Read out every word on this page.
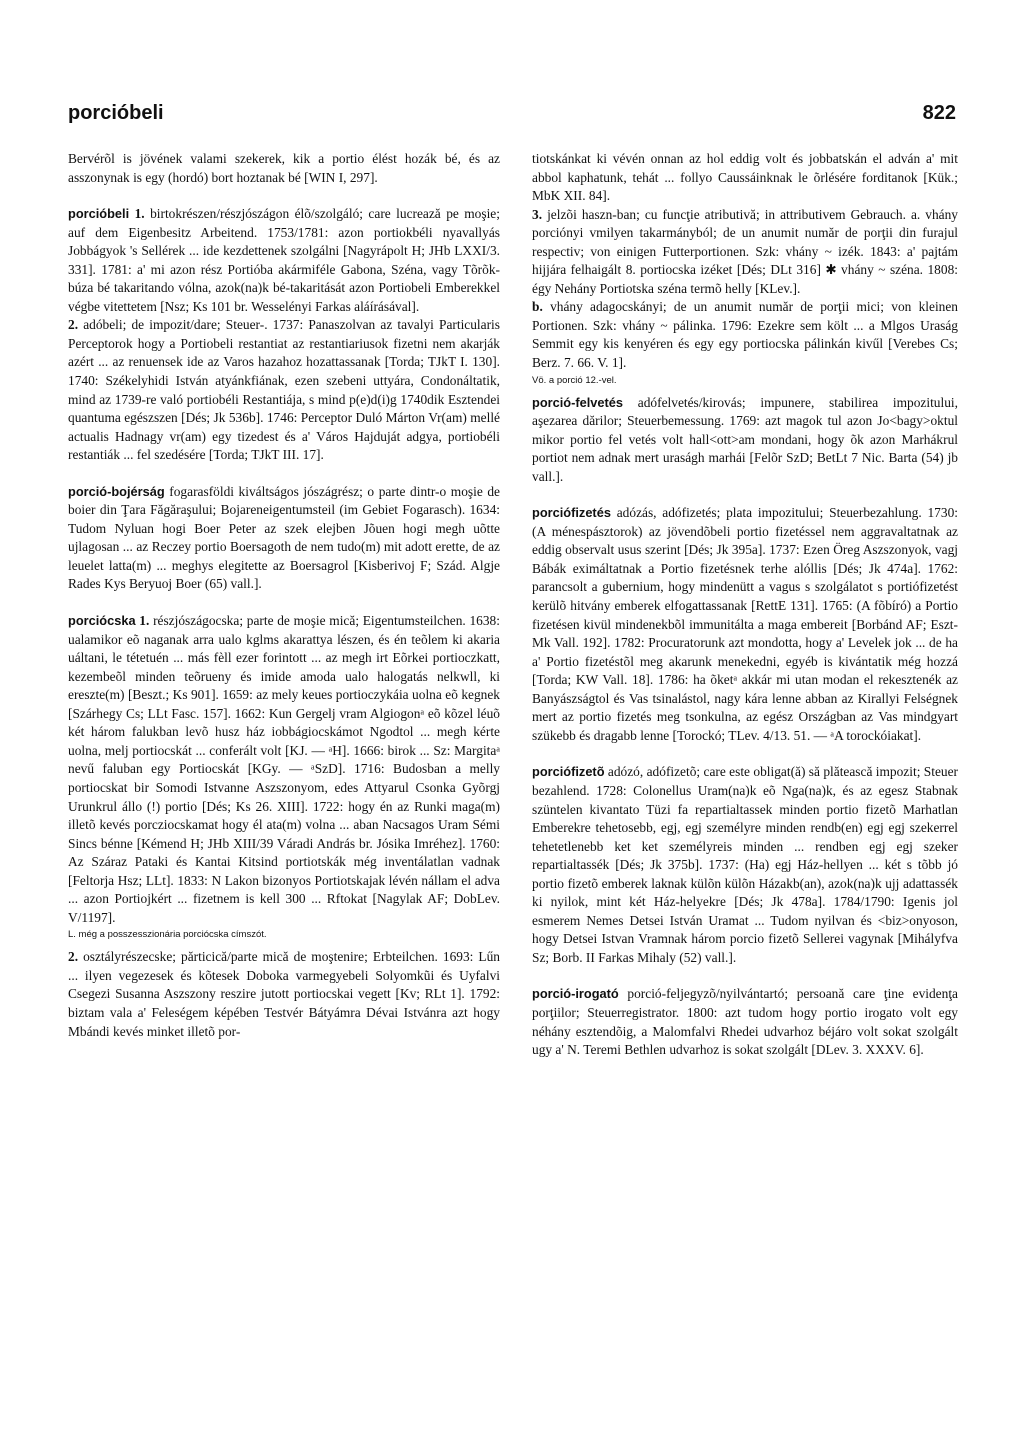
porcióbeli	822

Bervérõl is jövének valami szekerek, kik a portio élést hozák bé, és az asszonynak is egy (hordó) bort hoztanak bé [WIN I, 297].

porcióbeli 1. birtokrészen/részjószágon élõ/szolgáló; care lucrează pe moşie; auf dem Eigenbesitz Arbeitend. 1753/1781: azon portiokbéli nyavallyás Jobbágyok 's Sellérek ... ide kezdettenek szolgálni [Nagyrápolt H; JHb LXXI/3. 331]. 1781: a' mi azon rész Portióba akármiféle Gabona, Széna, vagy Tõrõk-búza bé takaritando vólna, azok(na)k bé-takaritását azon Portiobeli Emberekkel végbe vitettetem [Nsz; Ks 101 br. Wesselényi Farkas aláírásával].

2. adóbeli; de impozit/dare; Steuer-. 1737: Panaszolvan az tavalyi Particularis Perceptorok hogy a Portiobeli restantiat az restantiariusok fizetni nem akarják azért ... az renuensek ide az Varos hazahoz hozattassanak [Torda; TJkT I. 130]. 1740: Székelyhidi István atyánkfiának, ezen szebeni uttyára, Condonáltatik, mind az 1739-re való portiobéli Restantiája, s mind p(e)d(i)g 1740dik Esztendei quantuma egészszen [Dés; Jk 536b]. 1746: Perceptor Duló Márton Vr(am) mellé actualis Hadnagy vr(am) egy tizedest és a' Város Hajduját adgya, portiobéli restantiák ... fel szedésére [Torda; TJkT III. 17].

porció-bojérság fogarasföldi kiváltságos jószágrész; o parte dintr-o moşie de boier din Ţara Făgăraşului; Bojareneigentumsteil (im Gebiet Fogarasch). 1634: Tudom Nyluan hogi Boer Peter az szek elejben Jõuen hogi megh uõtte ujlagosan ... az Reczey portio Boersagoth de nem tudo(m) mit adott erette, de az leuelet latta(m) ... meghys elegitette az Boersagrol [Kisberivoj F; Szád. Algje Rades Kys Beryuoj Boer (65) vall.].

porciócska 1. részjószágocska; parte de moşie mică; Eigentumsteilchen. 1638: ualamikor eõ naganak arra ualo kglms akarattya lészen, és én teõlem ki akaria uáltani, le tétetuén ... más fèll ezer forintott ... az megh irt Eõrkei portioczkatt, kezembeõl minden teõrueny és imide amoda ualo halogatás nelkwll, ki ereszte(m) [Beszt.; Ks 901]. 1659: az mely keues portioczykáia uolna eõ kegnek [Szárhegy Cs; LLt Fasc. 157]. 1662: Kun Gergelj vram Algiogonᵃ eõ kõzel léuõ két három falukban levõ husz ház iobbágiocskámot Ngodtol ... megh kérte uolna, melj portiocskát ... conferált volt [KJ. — ᵃH]. 1666: birok ... Sz: Margitaᵃ nevű faluban egy Portiocskát [KGy. — ᵃSzD]. 1716: Budosban a melly portiocskat bir Somodi Istvanne Aszszonyom, edes Attyarul Csonka Gyõrgj Urunkrul állo (!) portio [Dés; Ks 26. XIII]. 1722: hogy én az Runki maga(m) illetõ kevés porcziocskamat hogy él ata(m) volna ... aban Nacsagos Uram Sémi Sincs bénne [Kémend H; JHb XIII/39 Váradi András br. Jósika Imréhez]. 1760: Az Száraz Pataki és Kantai Kitsind portiotskák még inventálatlan vadnak [Feltorja Hsz; LLt]. 1833: N Lakon bizonyos Portiotskajak lévén nállam el adva ... azon Portiojkért ... fizetnem is kell 300 ... Rftokat [Nagylak AF; DobLev. V/1197].

L. még a posszesszionária porciócska címszót.

2. osztályrészecske; părticică/parte mică de moştenire; Erbteilchen. 1693: Lűn ... ilyen vegezesek és kõtesek Doboka varmegyebeli Solyomkũi és Uyfalvi Csegezi Susanna Aszszony reszire jutott portiocskai vegett [Kv; RLt 1]. 1792: biztam vala a' Feleségem képében Testvér Bátyámra Dévai Istvánra azt hogy Mbándi kevés minket illetõ por-

tiotskánkat ki vévén onnan az hol eddig volt és jobbatskán el adván a' mit abbol kaphatunk, tehát ... follyo Caussáinknak le õrlésére forditanok [Kük.; MbK XII. 84].

3. jelzõi haszn-ban; cu funcţie atributivă; in attributivem Gebrauch. a. vhány porciónyi vmilyen takarmányból; de un anumit număr de porţii din furajul respectiv; von einigen Futterportionen. Szk: vhány ~ izék. 1843: a' pajtám hijjára felhaigált 8. portiocska izéket [Dés; DLt 316] ✱ vhány ~ széna. 1808: égy Nehány Portiotska széna termõ helly [KLev.].

b. vhány adagocskányi; de un anumit număr de porţii mici; von kleinen Portionen. Szk: vhány ~ pálinka. 1796: Ezekre sem költ ... a Mlgos Uraság Semmit egy kis kenyéren és egy egy portiocska pálinkán kivűl [Verebes Cs; Berz. 7. 66. V. 1].

Vö. a porció 12.-vel.

porció-felvetés adófelvetés/kirovás; impunere, stabilirea impozitului, aşezarea dărilor; Steuerbemessung. 1769: azt magok tul azon Jo<bagy>oktul mikor portio fel vetés volt hall<ott>am mondani, hogy õk azon Marhákrul portiot nem adnak mert uraságh marhái [Felõr SzD; BetLt 7 Nic. Barta (54) jb vall.].

porciófizetés adózás, adófizetés; plata impozitului; Steuerbezahlung. 1730: (A ménespásztorok) az jövendõbeli portio fizetéssel nem aggravaltatnak az eddig observalt usus szerint [Dés; Jk 395a]. 1737: Ezen Öreg Aszszonyok, vagj Bábák eximáltatnak a Portio fizetésnek terhe alóllis [Dés; Jk 474a]. 1762: parancsolt a gubernium, hogy mindenütt a vagus s szolgálatot s portiófizetést kerülõ hitvány emberek elfogattassanak [RettE 131]. 1765: (A fõbíró) a Portio fizetésen kivül mindenekbõl immunitálta a maga embereit [Borbánd AF; Eszt-Mk Vall. 192]. 1782: Procuratorunk azt mondotta, hogy a' Levelek jok ... de ha a' Portio fizetéstõl meg akarunk menekedni, egyéb is kivántatik még hozzá [Torda; KW Vall. 18]. 1786: ha õketᵃ akkár mi utan modan el rekesztenék az Banyászságtol és Vas tsinalástol, nagy kára lenne abban az Kirallyi Felségnek mert az portio fizetés meg tsonkulna, az egész Országban az Vas mindgyart szükebb és dragabb lenne [Torockó; TLev. 4/13. 51. — ᵃA torockóiakat].

porciófizetõ adózó, adófizetõ; care este obligat(ă) să plătească impozit; Steuer bezahlend. 1728: Colonellus Uram(na)k eõ Nga(na)k, és az egesz Stabnak szüntelen kivantato Tüzi fa repartialtassek minden portio fizetõ Marhatlan Emberekre tehetosebb, egj, egj személyre minden rendb(en) egj egj szekerrel tehetetlenebb ket ket személyreis minden ... rendben egj egj szeker repartialtassék [Dés; Jk 375b]. 1737: (Ha) egj Ház-hellyen ... két s tõbb jó portio fizetõ emberek laknak külõn külõn Házakb(an), azok(na)k ujj adattassék ki nyilok, mint két Ház-helyekre [Dés; Jk 478a]. 1784/1790: Igenis jol esmerem Nemes Detsei István Uramat ... Tudom nyilvan és <biz>onyoson, hogy Detsei Istvan Vramnak három porcio fizetõ Sellerei vagynak [Mihályfva Sz; Borb. II Farkas Mihaly (52) vall.].

porció-irogató porció-feljegyzõ/nyilvántartó; persoană care ţine evidenţa porţiilor; Steuerregistrator. 1800: azt tudom hogy portio irogato volt egy néhány esztendõig, a Malomfalvi Rhedei udvarhoz béjáro volt sokat szolgált ugy a' N. Teremi Bethlen udvarhoz is sokat szolgált [DLev. 3. XXXV. 6].
